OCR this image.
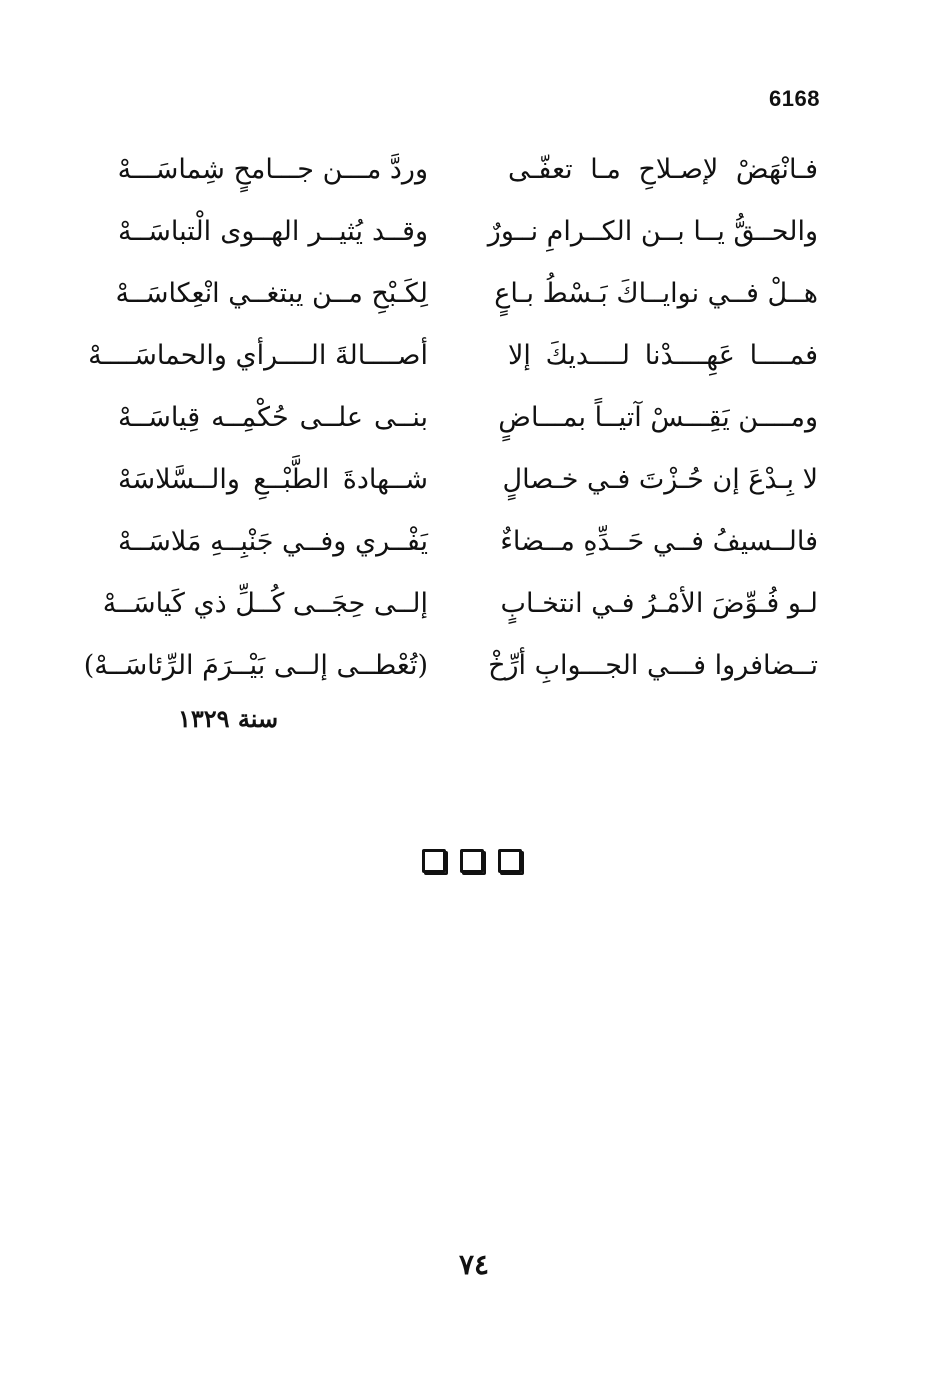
6168
فـانْهَضْ لإصـلاحِ مـا تعفّـى
وردَّ مـــن جـــامحٍ شِماسَـــهْ
والحــقُّ يــا بــن الكــرامِ نــورٌ
وقــد يُثيــر الهــوى الْتباسَــهْ
هــلْ فــي نوايــاكَ بَـسْطُ بـاعٍ
لِكَـبْحِ مــن يبتغــي انْعِكاسَــهْ
فمــــا عَهِــــدْنا لــــديكَ إلا
أصــــالةَ الــــرأي والحماسَــــهْ
ومــــن يَقِـــسْ آتيــاً بمـــاضٍ
بنــى علــى حُكْمِــه قِياسَــهْ
لا بِـدْعَ إن حُـزْتَ فـي خـصالٍ
شــهادةَ الطَّبْــعِ والــسَّلاسَهْ
فالــسيفُ فــي حَــدِّهِ مــضاءٌ
يَفْــري وفــي جَنْبِــهِ مَلاسَــهْ
لـو فُـوِّضَ الأمْـرُ فـي انتخـابٍ
إلــى حِجَــى كُــلِّ ذي كَياسَــهْ
تــضافروا فـــي الجـــوابِ أرِّخْ
(تُعْطــى إلــى بَيْــرَمَ الرِّئاسَــهْ)
سنة ١٣٢٩
٧٤
